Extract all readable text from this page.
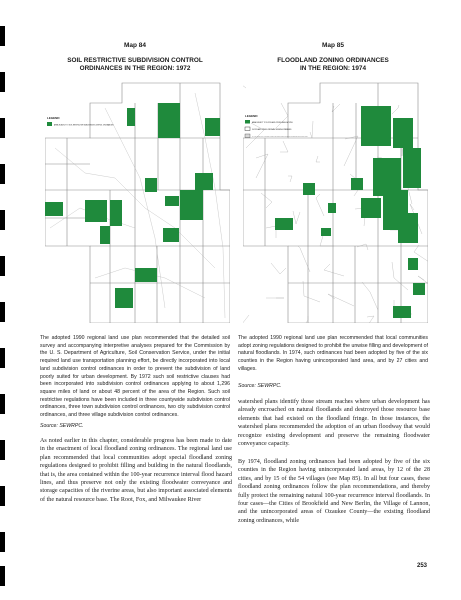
Map 84
SOIL RESTRICTIVE SUBDIVISION CONTROL
ORDINANCES IN THE REGION: 1972
LEGEND
AREA SUBJECT TO SOIL RESTRICTIVE SUBDIVISION CONTROL ORDINANCES
The adopted 1990 regional land use plan recommended that the detailed soil survey and accompanying interpretive analyses prepared for the Commission by the U. S. Department of Agriculture, Soil Conservation Service, under the initial required land use transportation planning effort, be directly incorporated into local land subdivision control ordinances in order to prevent the subdivision of land poorly suited for urban development. By 1972 such soil restrictive clauses had been incorporated into subdivision control ordinances applying to about 1,296 square miles of land or about 48 percent of the area of the Region. Such soil restrictive regulations have been included in three countywide subdivision control ordinances, three town subdivision control ordinances, two city subdivision control ordinances, and three village subdivision control ordinances.
Source: SEWRPC.
As noted earlier in this chapter, considerable progress has been made to date in the enactment of local floodland zoning ordinances. The regional land use plan recommended that local communities adopt special floodland zoning regulations designed to prohibit filling and building in the natural floodlands, that is, the area contained within the 100-year recurrence interval flood hazard lines, and thus preserve not only the existing floodwater conveyance and storage capacities of the riverine areas, but also important associated elements of the natural resource base. The Root, Fox, and Milwaukee River
Map 85
FLOODLAND ZONING ORDINANCES
IN THE REGION: 1974
LEGEND
AREA SUBJECT TO FLOODLAND ZONING REGULATIONS
FLOODLAND ZONING ORDINANCES BEING PREPARED
CIVIL DIVISIONS WITH ADOPTED FLOODLAND ZONING ORDINANCES BUT NO DELINEATED FLOODLANDS
The adopted 1990 regional land use plan recommended that local communities adopt zoning regulations designed to prohibit the unwise filling and development of natural floodlands. In 1974, such ordinances had been adopted by five of the six counties in the Region having unincorporated land area, and by 27 cities and villages.
Source: SEWRPC.
watershed plans identify those stream reaches where urban development has already encroached on natural floodlands and destroyed those resource base elements that had existed on the floodland fringe. In those instances, the watershed plans recommended the adoption of an urban floodway that would recognize existing development and preserve the remaining floodwater conveyance capacity.
By 1974, floodland zoning ordinances had been adopted by five of the six counties in the Region having unincorporated land areas, by 12 of the 28 cities, and by 15 of the 54 villages (see Map 85). In all but four cases, these floodland zoning ordinances follow the plan recommendations, and thereby fully protect the remaining natural 100-year recurrence interval floodlands. In four cases—the Cities of Brookfield and New Berlin, the Village of Lannon, and the unincorporated areas of Ozaukee County—the existing floodland zoning ordinances, while
253
